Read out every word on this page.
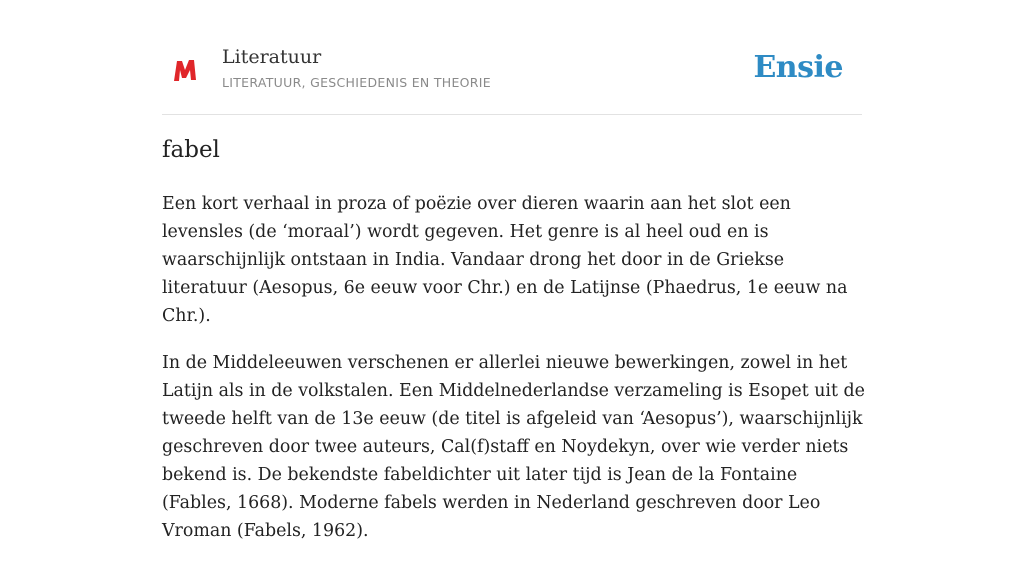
Literatuur
LITERATUUR, GESCHIEDENIS EN THEORIE	Ensie
fabel

Een kort verhaal in proza of poëzie over dieren waarin aan het slot een levensles (de ‘moraal’) wordt gegeven. Het genre is al heel oud en is waarschijnlijk ontstaan in India. Vandaar drong het door in de Griekse literatuur (Aesopus, 6e eeuw voor Chr.) en de Latijnse (Phaedrus, 1e eeuw na Chr.).

In de Middeleeuwen verschenen er allerlei nieuwe bewerkingen, zowel in het Latijn als in de volkstalen. Een Middelnederlandse verzameling is Esopet uit de tweede helft van de 13e eeuw (de titel is afgeleid van ‘Aesopus’), waarschijnlijk geschreven door twee auteurs, Cal(f)staff en Noydekyn, over wie verder niets bekend is. De bekendste fabeldichter uit later tijd is Jean de la Fontaine (Fables, 1668). Moderne fabels werden in Nederland geschreven door Leo Vroman (Fabels, 1962).
